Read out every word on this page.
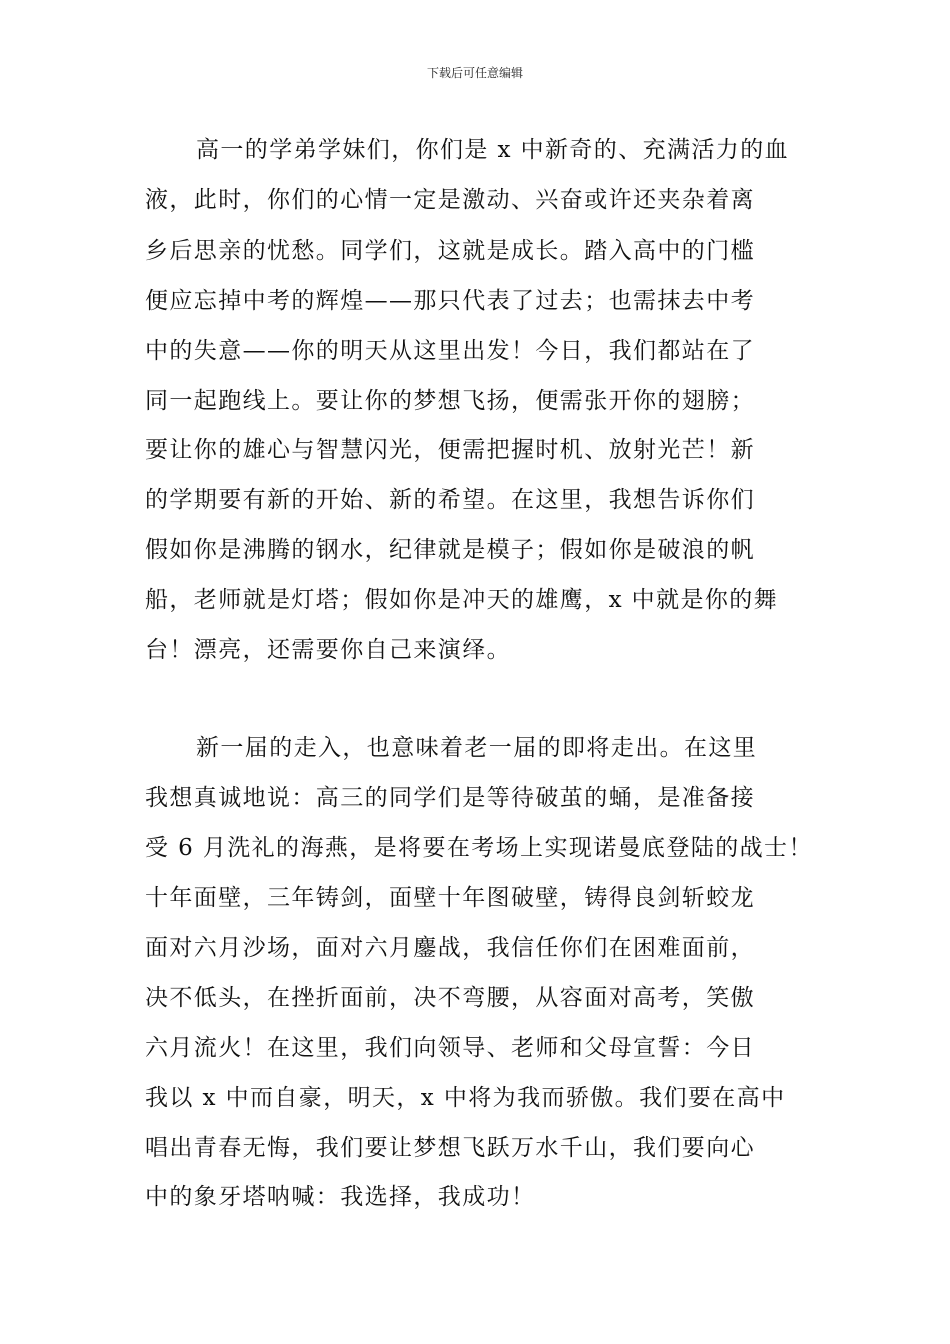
下载后可任意编辑

高一的学弟学妹们，你们是 x 中新奇的、充满活力的血

液，此时，你们的心情一定是激动、兴奋或许还夹杂着离

乡后思亲的忧愁。同学们，这就是成长。踏入高中的门槛

便应忘掉中考的辉煌——那只代表了过去；也需抹去中考

中的失意——你的明天从这里出发！今日，我们都站在了

同一起跑线上。要让你的梦想飞扬，便需张开你的翅膀；

要让你的雄心与智慧闪光，便需把握时机、放射光芒！新

的学期要有新的开始、新的希望。在这里，我想告诉你们

假如你是沸腾的钢水，纪律就是模子；假如你是破浪的帆

船，老师就是灯塔；假如你是冲天的雄鹰，x 中就是你的舞

台！漂亮，还需要你自己来演绎。

新一届的走入，也意味着老一届的即将走出。在这里

我想真诚地说：高三的同学们是等待破茧的蛹，是准备接

受 6 月洗礼的海燕，是将要在考场上实现诺曼底登陆的战士！

十年面壁，三年铸剑，面壁十年图破壁，铸得良剑斩蛟龙

面对六月沙场，面对六月鏖战，我信任你们在困难面前，

决不低头，在挫折面前，决不弯腰，从容面对高考，笑傲

六月流火！在这里，我们向领导、老师和父母宣誓：今日

我以 x 中而自豪，明天，x 中将为我而骄傲。我们要在高中

唱出青春无悔，我们要让梦想飞跃万水千山，我们要向心

中的象牙塔呐喊：我选择，我成功！
